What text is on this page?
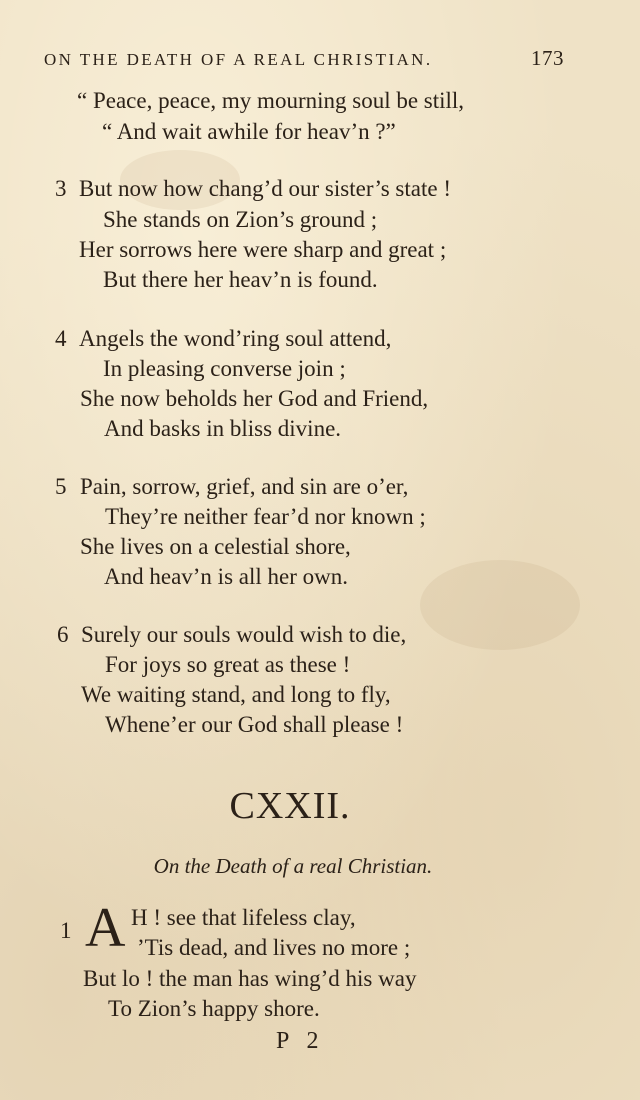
ON THE DEATH OF A REAL CHRISTIAN.	173
“ Peace, peace, my mourning soul be still,
“ And wait awhile for heav’n ?”
3 But now how chang’d our sister’s state !
She stands on Zion’s ground ;
Her sorrows here were sharp and great ;
But there her heav’n is found.
4 Angels the wond’ring soul attend,
In pleasing converse join ;
She now beholds her God and Friend,
And basks in bliss divine.
5 Pain, sorrow, grief, and sin are o’er,
They’re neither fear’d nor known ;
She lives on a celestial shore,
And heav’n is all her own.
6 Surely our souls would wish to die,
For joys so great as these !
We waiting stand, and long to fly,
Whene’er our God shall please !
CXXII.
On the Death of a real Christian.
1 A H ! see that lifeless clay,
’Tis dead, and lives no more ;
But lo ! the man has wing’d his way
To Zion’s happy shore.
P 2
